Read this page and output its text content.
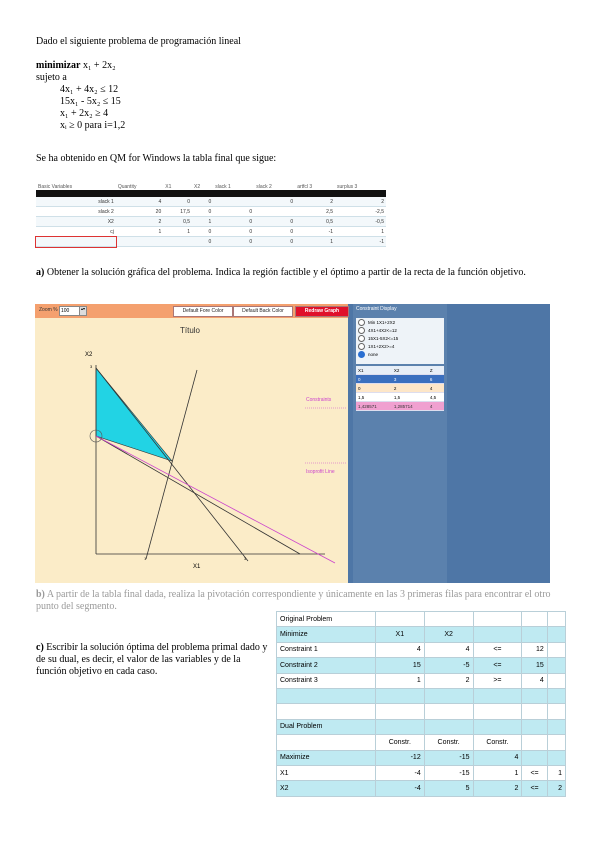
Dado el siguiente problema de programación lineal
minimizar x₁ + 2x₂
sujeto a
4x₁ + 4x₂ ≤ 12
15x₁ - 5x₂ ≤ 15
x₁ + 2x₂ ≥ 4
xᵢ ≥ 0 para i=1,2
Se ha obtenido en QM for Windows la tabla final que sigue:
Basic Variables	Quantity	X1	X2	slack 1	slack 2	artfcl 3	surplus 3

slack 1	4	0	0		0	2	2
slack 2	20	17,5	0	0		2,5	-2,5
X2	2	0,5	1	0	0	0,5	-0,5
cj	1	1	0	0	0	-1	1
			0	0	0	1	-1
a) Obtener la solución gráfica del problema. Indica la región factible y el óptimo a partir de la recta de la función objetivo.
Zoom % 100	▴▾	Default Fore Color	Default Back Color	Redraw Graph
Título
X2
3
X1
1	3
Constraints
Isoprofit Line
Constraint Display
Min 1X1+2X2
4X1+4X2<=12
15X1-5X2<=15
1X1+2X2>=4
none
X1	X2	Z
0	3	6
0	2	4
1,5	1,5	4,5
1,428571	1,285714	4
b) A partir de la tabla final dada, realiza la pivotación correspondiente y únicamente en las 3 primeras filas para encontrar el otro punto del segmento.
c) Escribir la solución óptima del problema primal dado y de su dual, es decir, el valor de las variables y de la función objetivo en cada caso.
Original Problem					
Minimize	X1	X2			
Constraint 1	4	4	<=	12	
Constraint 2	15	-5	<=	15	
Constraint 3	1	2	>=	4	

Dual Problem					
	Constr.	Constr.	Constr.		
Maximize	-12	-15	4		
X1	-4	-15	1	<=	1
X2	-4	5	2	<=	2
